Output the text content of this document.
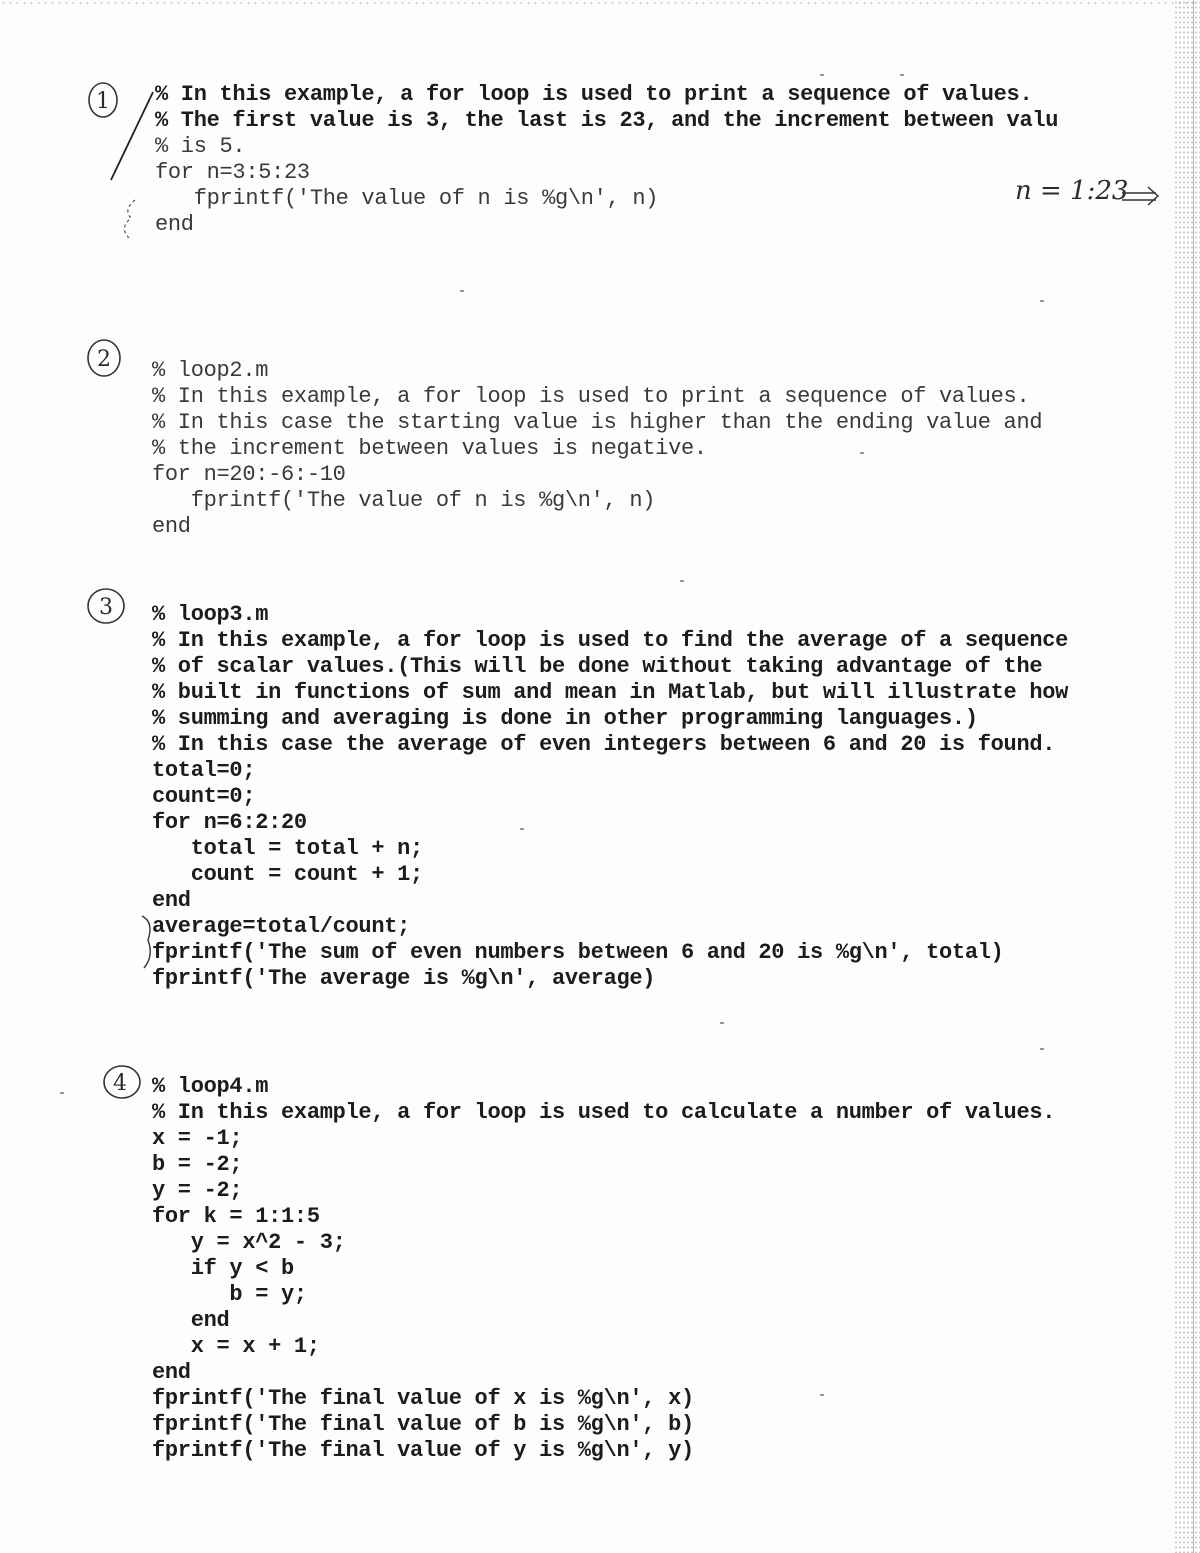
1 % In this example, a for loop is used to print a sequence of values.
% The first value is 3, the last is 23, and the increment between valu
% is 5.
for n=3:5:23
fprintf('The value of n is %g\n', n)
end
n = 1:23
2 % loop2.m
% In this example, a for loop is used to print a sequence of values.
% In this case the starting value is higher than the ending value and
% the increment between values is negative.
for n=20:-6:-10
fprintf('The value of n is %g\n', n)
end
3 % loop3.m
% In this example, a for loop is used to find the average of a sequence
% of scalar values.(This will be done without taking advantage of the
% built in functions of sum and mean in Matlab, but will illustrate how
% summing and averaging is done in other programming languages.)
% In this case the average of even integers between 6 and 20 is found.
total=0;
count=0;
for n=6:2:20
total = total + n;
count = count + 1;
end
average=total/count;
fprintf('The sum of even numbers between 6 and 20 is %g\n', total)
fprintf('The average is %g\n', average)
4 % loop4.m
% In this example, a for loop is used to calculate a number of values.
x = -1;
b = -2;
y = -2;
for k = 1:1:5
y = x^2 - 3;
if y < b
b = y;
end
x = x + 1;
end
fprintf('The final value of x is %g\n', x)
fprintf('The final value of b is %g\n', b)
fprintf('The final value of y is %g\n', y)
